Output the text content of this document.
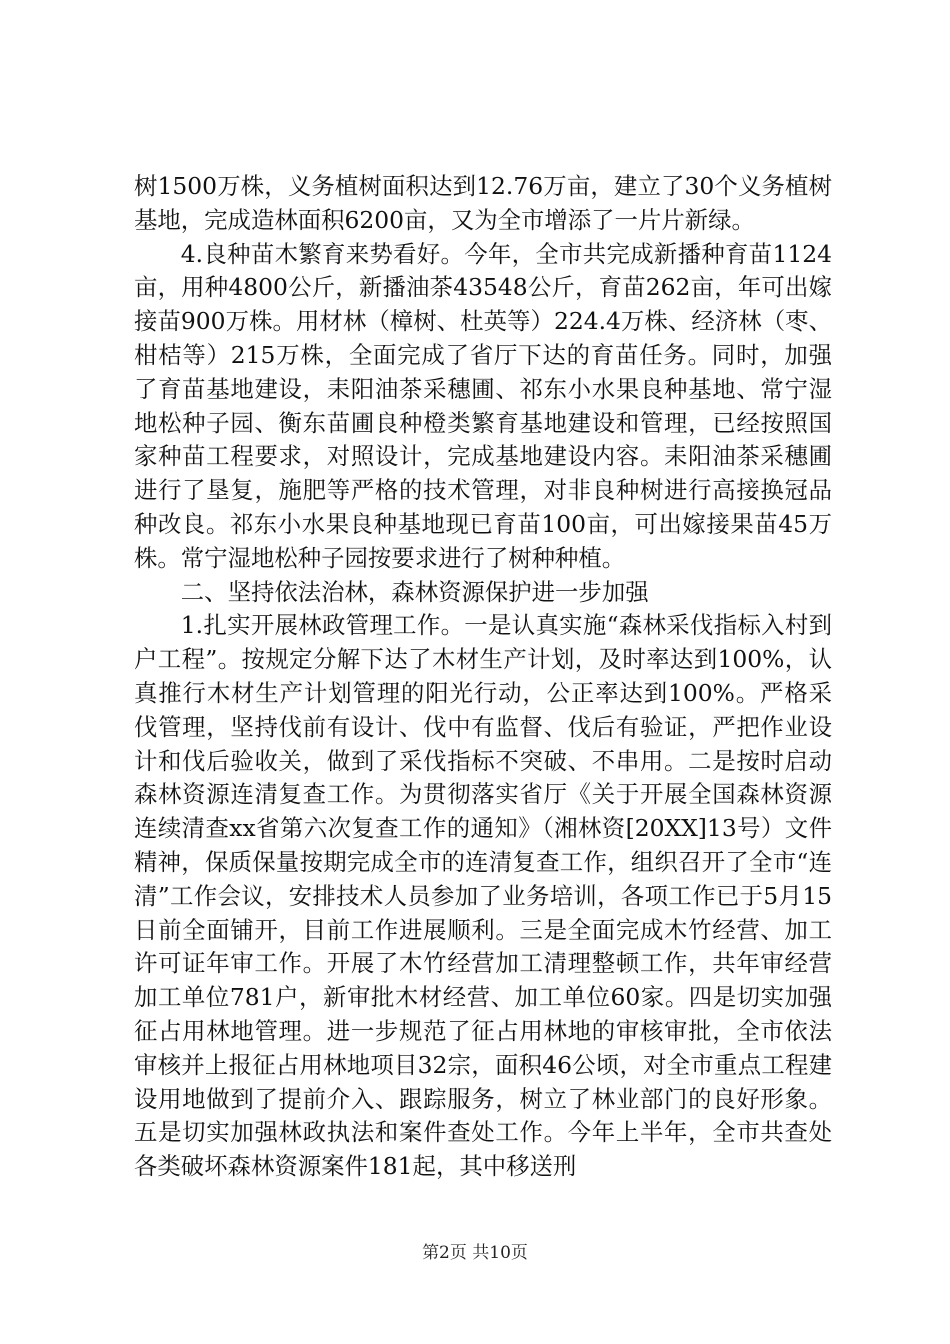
树1500万株，义务植树面积达到12.76万亩，建立了30个义务植树基地，完成造林面积6200亩，又为全市增添了一片片新绿。

4.良种苗木繁育来势看好。今年，全市共完成新播种育苗1124亩，用种4800公斤，新播油茶43548公斤，育苗262亩，年可出嫁接苗900万株。用材林（樟树、杜英等）224.4万株、经济林（枣、柑桔等）215万株，全面完成了省厅下达的育苗任务。同时，加强了育苗基地建设，耒阳油茶采穗圃、祁东小水果良种基地、常宁湿地松种子园、衡东苗圃良种橙类繁育基地建设和管理，已经按照国家种苗工程要求，对照设计，完成基地建设内容。耒阳油茶采穗圃进行了垦复，施肥等严格的技术管理，对非良种树进行高接换冠品种改良。祁东小水果良种基地现已育苗100亩，可出嫁接果苗45万株。常宁湿地松种子园按要求进行了树种种植。

二、坚持依法治林，森林资源保护进一步加强

1.扎实开展林政管理工作。一是认真实施“森林采伐指标入村到户工程”。按规定分解下达了木材生产计划，及时率达到100%，认真推行木材生产计划管理的阳光行动，公正率达到100%。严格采伐管理，坚持伐前有设计、伐中有监督、伐后有验证，严把作业设计和伐后验收关，做到了采伐指标不突破、不串用。二是按时启动森林资源连清复查工作。为贯彻落实省厅《关于开展全国森林资源连续清查xx省第六次复查工作的通知》（湘林资[20XX]13号）文件精神，保质保量按期完成全市的连清复查工作，组织召开了全市“连清”工作会议，安排技术人员参加了业务培训，各项工作已于5月15日前全面铺开，目前工作进展顺利。三是全面完成木竹经营、加工许可证年审工作。开展了木竹经营加工清理整顿工作，共年审经营加工单位781户，新审批木材经营、加工单位60家。四是切实加强征占用林地管理。进一步规范了征占用林地的审核审批，全市依法审核并上报征占用林地项目32宗，面积46公顷，对全市重点工程建设用地做到了提前介入、跟踪服务，树立了林业部门的良好形象。五是切实加强林政执法和案件查处工作。今年上半年，全市共查处各类破坏森林资源案件181起，其中移送刑

第2页 共10页
